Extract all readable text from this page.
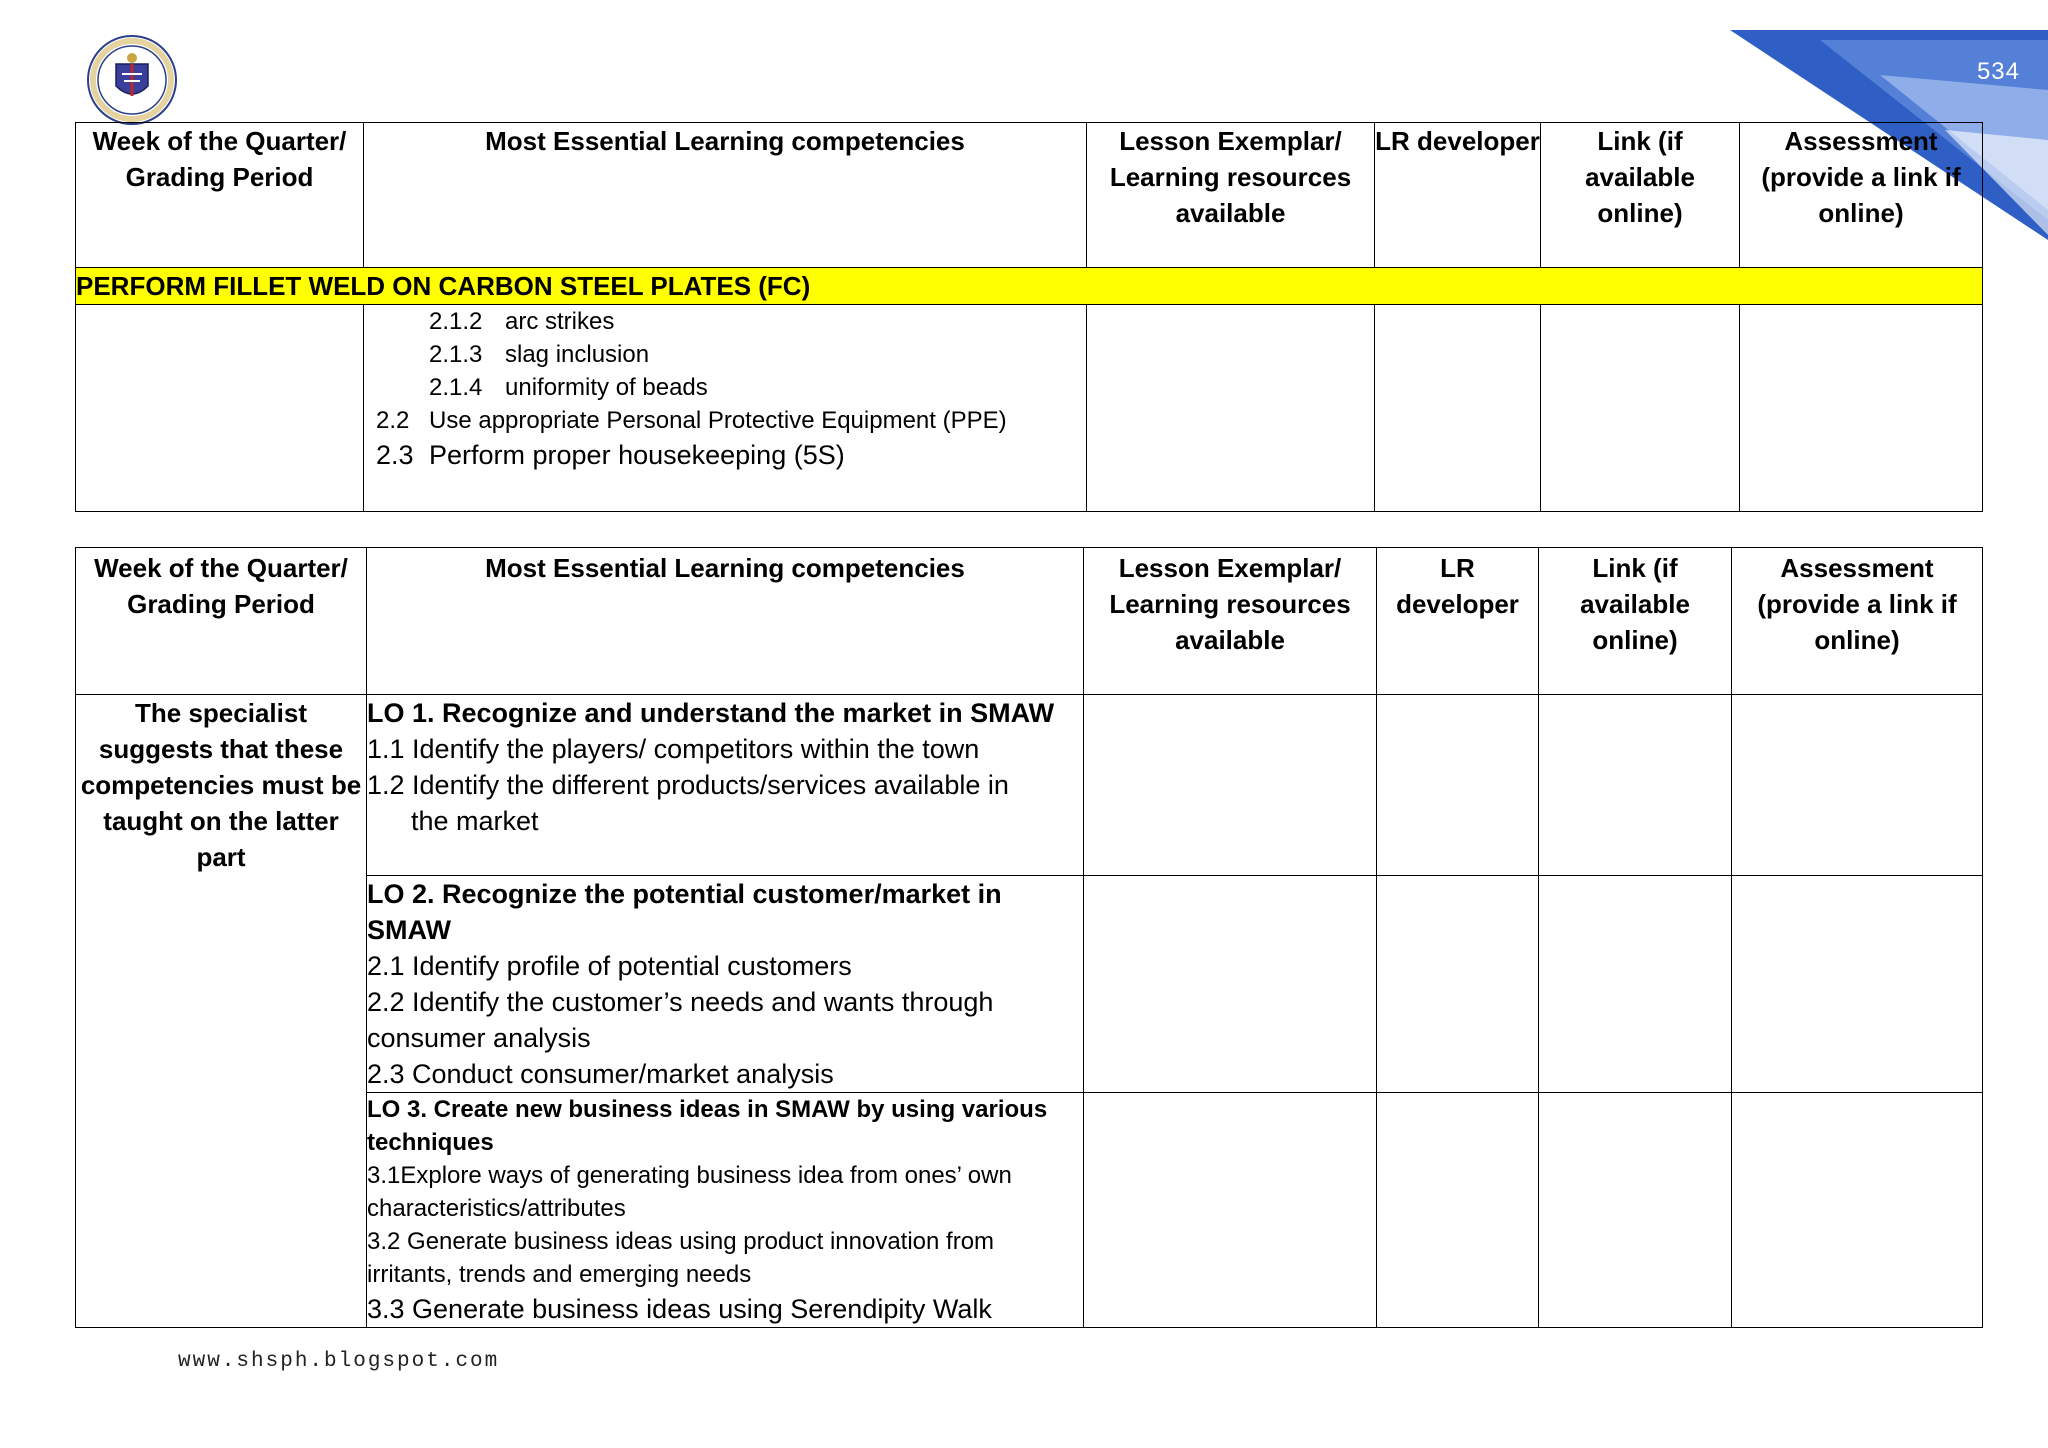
534
Week of the Quarter/ Grading Period	Most Essential Learning competencies	Lesson Exemplar/ Learning resources available	LR developer	Link (if available online)	Assessment (provide a link if online)
PERFORM FILLET WELD ON CARBON STEEL PLATES (FC)					

	2.1.2 arc strikes
2.1.3 slag inclusion
2.1.4 uniformity of beads
2.2 Use appropriate Personal Protective Equipment (PPE)
2.3 Perform proper housekeeping (5S)				

Week of the Quarter/ Grading Period	Most Essential Learning competencies	Lesson Exemplar/ Learning resources available	LR developer	Link (if available online)	Assessment (provide a link if online)
The specialist suggests that these competencies must be taught on the latter part	LO 1. Recognize and understand the market in SMAW
1.1 Identify the players/ competitors within the town
1.2 Identify the different products/services available in
the market				

	LO 2. Recognize the potential customer/market in SMAW
2.1 Identify profile of potential customers
2.2 Identify the customer’s needs and wants through consumer analysis
2.3 Conduct consumer/market analysis				

	LO 3. Create new business ideas in SMAW by using various techniques
3.1Explore ways of generating business idea from ones’ own characteristics/attributes
3.2 Generate business ideas using product innovation from irritants, trends and emerging needs
3.3 Generate business ideas using Serendipity Walk				

www.shsph.blogspot.com
